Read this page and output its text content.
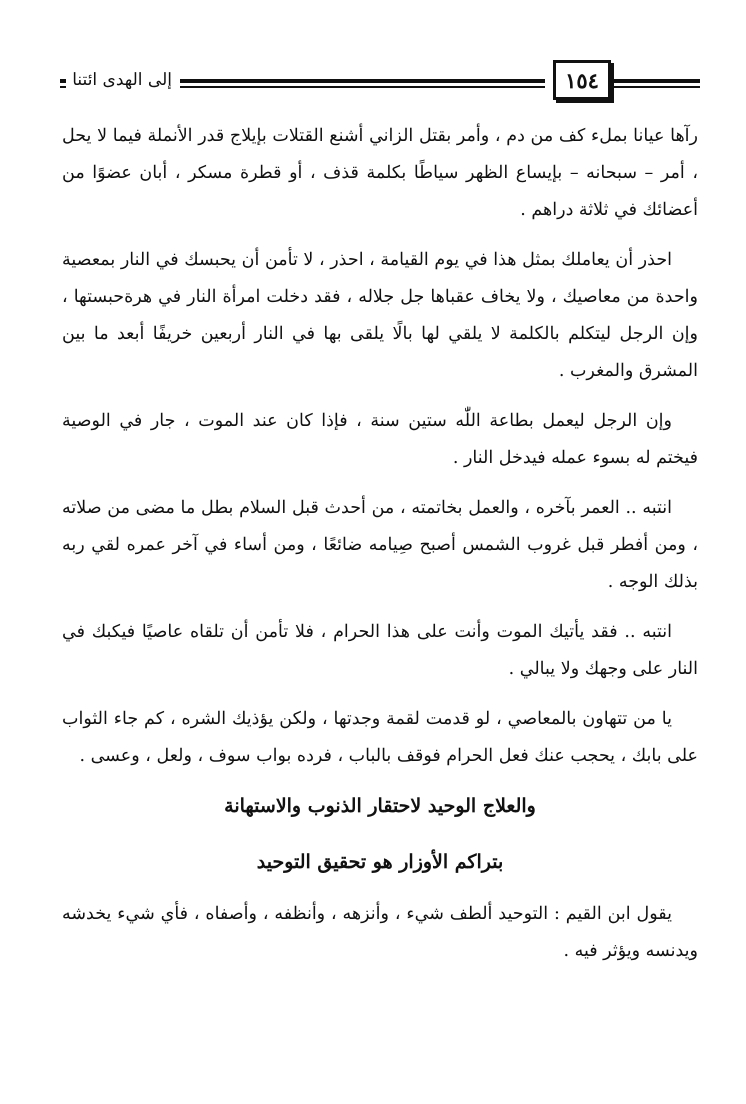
إلى الهدى ائتنا	١٥٤

رآها عيانا بملء كف من دم ، وأمر بقتل الزاني أشنع القتلات بإيلاج قدر الأنملة فيما لا يحل ، أمر – سبحانه – بإيساع الظهر سياطًا بكلمة قذف ، أو قطرة مسكر ، أبان عضوًا من أعضائك في ثلاثة دراهم .

احذر أن يعاملك بمثل هذا في يوم القيامة ، احذر ، لا تأمن أن يحبسك في النار بمعصية واحدة من معاصيك ، ولا يخاف عقباها جل جلاله ، فقد دخلت امرأة النار في هرةحبستها ، وإن الرجل ليتكلم بالكلمة لا يلقي لها بالًا يلقى بها في النار أربعين خريفًا أبعد ما بين المشرق والمغرب .

وإن الرجل ليعمل بطاعة اللّٰه ستين سنة ، فإذا كان عند الموت ، جار في الوصية فيختم له بسوء عمله فيدخل النار .

انتبه .. العمر بآخره ، والعمل بخاتمته ، من أحدث قبل السلام بطل ما مضى من صلاته ، ومن أفطر قبل غروب الشمس أصبح صِيامه ضائعًا ، ومن أساء في آخر عمره لقي ربه بذلك الوجه .

انتبه .. فقد يأتيك الموت وأنت على هذا الحرام ، فلا تأمن أن تلقاه عاصيًا فيكبك في النار على وجهك ولا يبالي .

يا من تتهاون بالمعاصي ، لو قدمت لقمة وجدتها ، ولكن يؤذيك الشره ، كم جاء الثواب على بابك ، يحجب عنك فعل الحرام فوقف بالباب ، فرده بواب سوف ، ولعل ، وعسى .

والعلاج الوحيد لاحتقار الذنوب والاستهانة
بتراكم الأوزار هو تحقيق التوحيد

يقول ابن القيم : التوحيد ألطف شيء ، وأنزهه ، وأنظفه ، وأصفاه ، فأي شيء يخدشه ويدنسه ويؤثر فيه .
